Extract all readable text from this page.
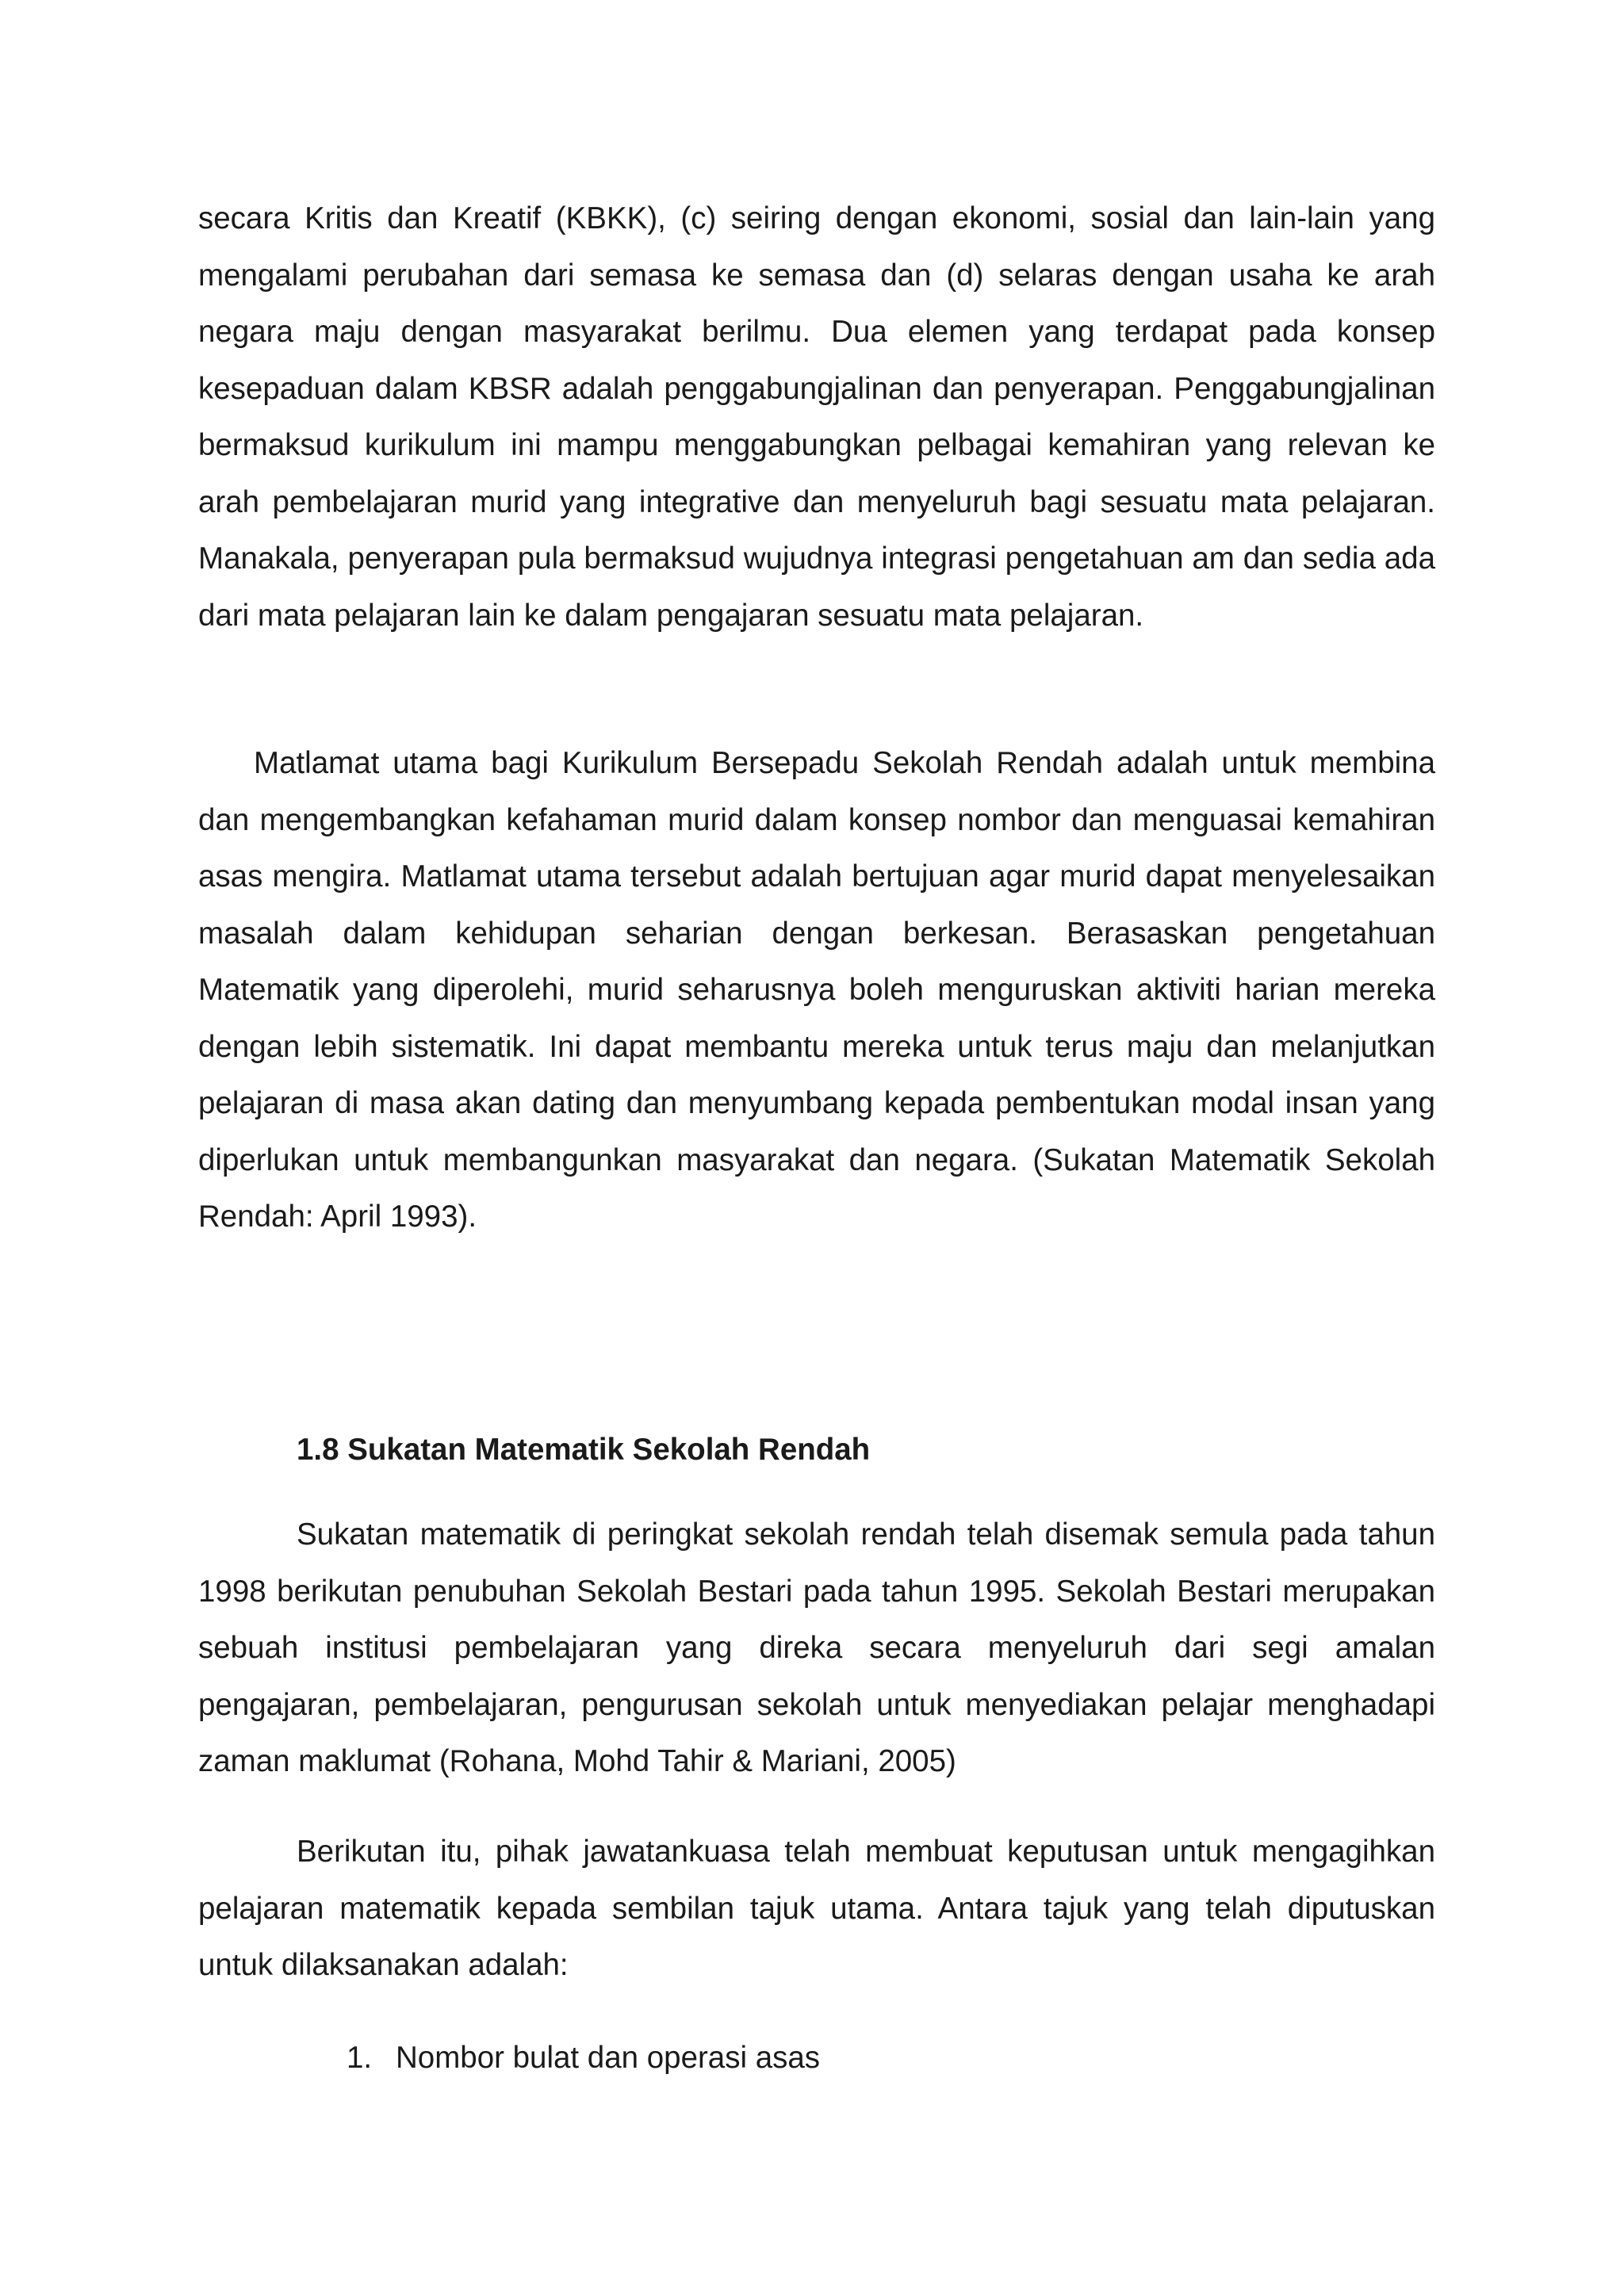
secara Kritis dan Kreatif (KBKK), (c) seiring dengan ekonomi, sosial dan lain-lain yang mengalami perubahan dari semasa ke semasa dan (d) selaras dengan usaha ke arah negara maju dengan masyarakat berilmu. Dua elemen yang terdapat pada konsep kesepaduan dalam KBSR adalah penggabungjalinan dan penyerapan. Penggabungjalinan bermaksud kurikulum ini mampu menggabungkan pelbagai kemahiran yang relevan ke arah pembelajaran murid yang integrative dan menyeluruh bagi sesuatu mata pelajaran. Manakala, penyerapan pula bermaksud wujudnya integrasi pengetahuan am dan sedia ada dari mata pelajaran lain ke dalam pengajaran sesuatu mata pelajaran.

Matlamat utama bagi Kurikulum Bersepadu Sekolah Rendah adalah untuk membina dan mengembangkan kefahaman murid dalam konsep nombor dan menguasai kemahiran asas mengira. Matlamat utama tersebut adalah bertujuan agar murid dapat menyelesaikan masalah dalam kehidupan seharian dengan berkesan. Berasaskan pengetahuan Matematik yang diperolehi, murid seharusnya boleh menguruskan aktiviti harian mereka dengan lebih sistematik. Ini dapat membantu mereka untuk terus maju dan melanjutkan pelajaran di masa akan dating dan menyumbang kepada pembentukan modal insan yang diperlukan untuk membangunkan masyarakat dan negara. (Sukatan Matematik Sekolah Rendah: April 1993).

1.8 Sukatan Matematik Sekolah Rendah

Sukatan matematik di peringkat sekolah rendah telah disemak semula pada tahun 1998 berikutan penubuhan Sekolah Bestari pada tahun 1995. Sekolah Bestari merupakan sebuah institusi pembelajaran yang direka secara menyeluruh dari segi amalan pengajaran, pembelajaran, pengurusan sekolah untuk menyediakan pelajar menghadapi zaman maklumat (Rohana, Mohd Tahir & Mariani, 2005)

Berikutan itu, pihak jawatankuasa telah membuat keputusan untuk mengagihkan pelajaran matematik kepada sembilan tajuk utama. Antara tajuk yang telah diputuskan untuk dilaksanakan adalah:

1. Nombor bulat dan operasi asas
